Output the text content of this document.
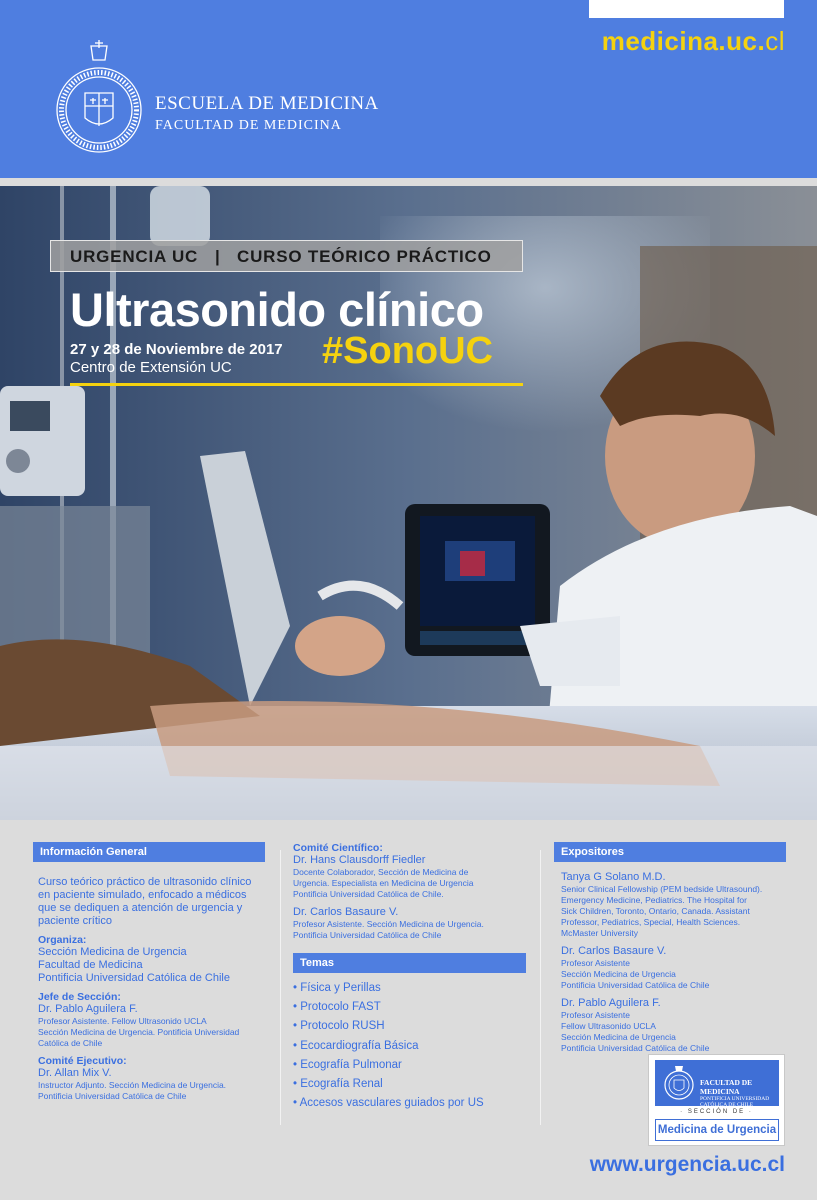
medicina.uc.cl
ESCUELA DE MEDICINA
FACULTAD DE MEDICINA
URGENCIA UC | CURSO TEÓRICO PRÁCTICO
Ultrasonido clínico
27 y 28 de Noviembre de 2017
Centro de Extensión UC #SonoUC
Información General
Curso teórico práctico de ultrasonido clínico en paciente simulado, enfocado a médicos que se dediquen a atención de urgencia y paciente crítico
Organiza:
Sección Medicina de Urgencia
Facultad de Medicina
Pontificia Universidad Católica de Chile
Jefe de Sección:
Dr. Pablo Aguilera F.
Profesor Asistente. Fellow Ultrasonido UCLA
Sección Medicina de Urgencia. Pontificia Universidad
Católica de Chile
Comité Ejecutivo:
Dr. Allan Mix V.
Instructor Adjunto. Sección Medicina de Urgencia.
Pontificia Universidad Católica de Chile
Comité Científico:
Dr. Hans Clausdorff Fiedler
Docente Colaborador, Sección de Medicina de
Urgencia. Especialista en Medicina de Urgencia
Pontificia Universidad Católica de Chile.
Dr. Carlos Basaure V.
Profesor Asistente. Sección Medicina de Urgencia.
Pontificia Universidad Católica de Chile
Temas
• Física y Perillas
• Protocolo FAST
• Protocolo RUSH
• Ecocardiografía Básica
• Ecografía Pulmonar
• Ecografía Renal
• Accesos vasculares guiados por US
Expositores
Tanya G Solano M.D.
Senior Clinical Fellowship (PEM bedside Ultrasound).
Emergency Medicine, Pediatrics. The Hospital for
Sick Children, Toronto, Ontario, Canada. Assistant
Professor, Pediatrics, Special, Health Sciences.
McMaster University
Dr. Carlos Basaure V.
Profesor Asistente
Sección Medicina de Urgencia
Pontificia Universidad Católica de Chile
Dr. Pablo Aguilera F.
Profesor Asistente
Fellow Ultrasonido UCLA
Sección Medicina de Urgencia
Pontificia Universidad Católica de Chile
FACULTAD DE MEDICINA
PONTIFICIA UNIVERSIDAD
CATÓLICA DE CHILE
· SECCIÓN DE ·
Medicina de Urgencia
www.urgencia.uc.cl
